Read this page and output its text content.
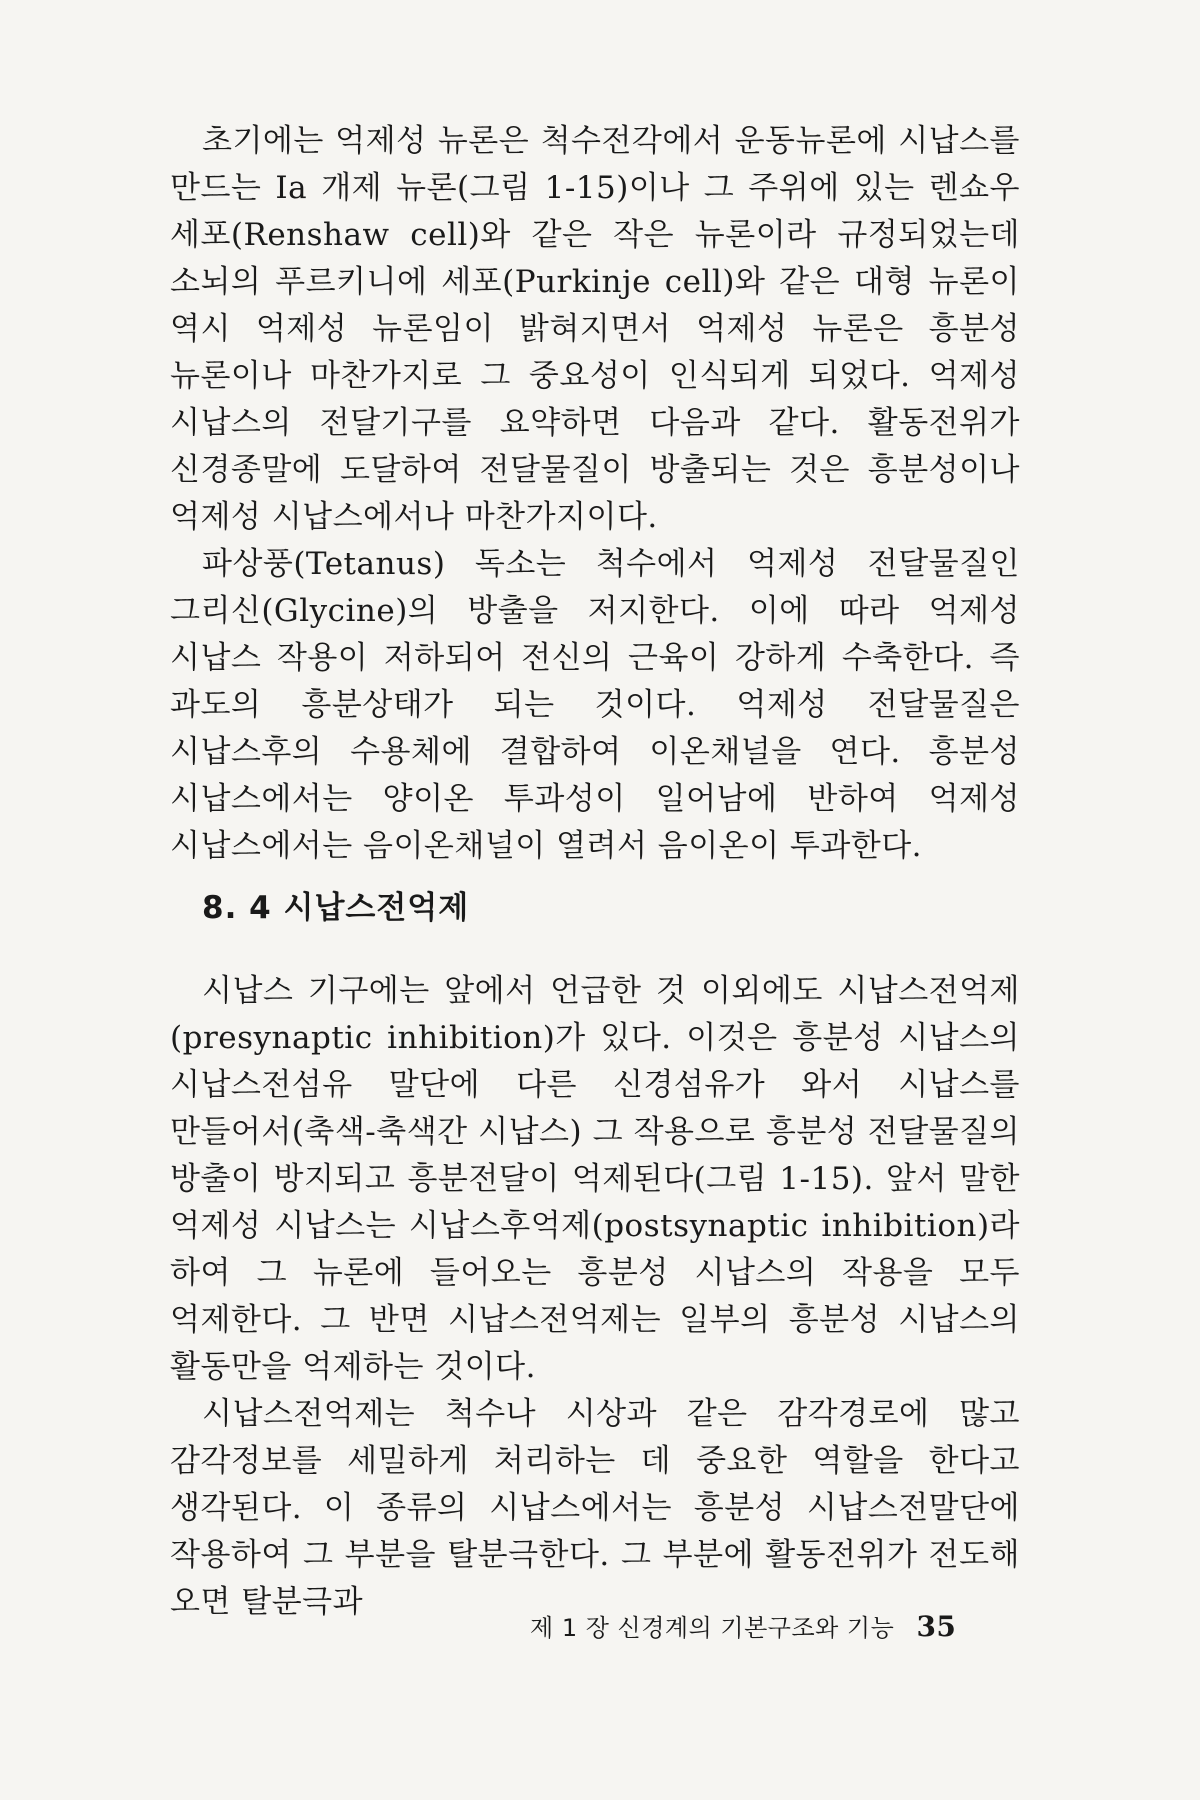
초기에는 억제성 뉴론은 척수전각에서 운동뉴론에 시납스를 만드는 Ia 개제 뉴론(그림 1-15)이나 그 주위에 있는 렌쇼우 세포(Renshaw cell)와 같은 작은 뉴론이라 규정되었는데 소뇌의 푸르키니에 세포(Purkinje cell)와 같은 대형 뉴론이 역시 억제성 뉴론임이 밝혀지면서 억제성 뉴론은 흥분성 뉴론이나 마찬가지로 그 중요성이 인식되게 되었다. 억제성 시납스의 전달기구를 요약하면 다음과 같다. 활동전위가 신경종말에 도달하여 전달물질이 방출되는 것은 흥분성이나 억제성 시납스에서나 마찬가지이다.

파상풍(Tetanus) 독소는 척수에서 억제성 전달물질인 그리신(Glycine)의 방출을 저지한다. 이에 따라 억제성 시납스 작용이 저하되어 전신의 근육이 강하게 수축한다. 즉 과도의 흥분상태가 되는 것이다. 억제성 전달물질은 시납스후의 수용체에 결합하여 이온채널을 연다. 흥분성 시납스에서는 양이온 투과성이 일어남에 반하여 억제성 시납스에서는 음이온채널이 열려서 음이온이 투과한다.

8. 4 시납스전억제

시납스 기구에는 앞에서 언급한 것 이외에도 시납스전억제(presynaptic inhibition)가 있다. 이것은 흥분성 시납스의 시납스전섬유 말단에 다른 신경섬유가 와서 시납스를 만들어서(축색-축색간 시납스) 그 작용으로 흥분성 전달물질의 방출이 방지되고 흥분전달이 억제된다(그림 1-15). 앞서 말한 억제성 시납스는 시납스후억제(postsynaptic inhibition)라 하여 그 뉴론에 들어오는 흥분성 시납스의 작용을 모두 억제한다. 그 반면 시납스전억제는 일부의 흥분성 시납스의 활동만을 억제하는 것이다.

시납스전억제는 척수나 시상과 같은 감각경로에 많고 감각정보를 세밀하게 처리하는 데 중요한 역할을 한다고 생각된다. 이 종류의 시납스에서는 흥분성 시납스전말단에 작용하여 그 부분을 탈분극한다. 그 부분에 활동전위가 전도해 오면 탈분극과

제 1 장 신경계의 기본구조와 기능 35
